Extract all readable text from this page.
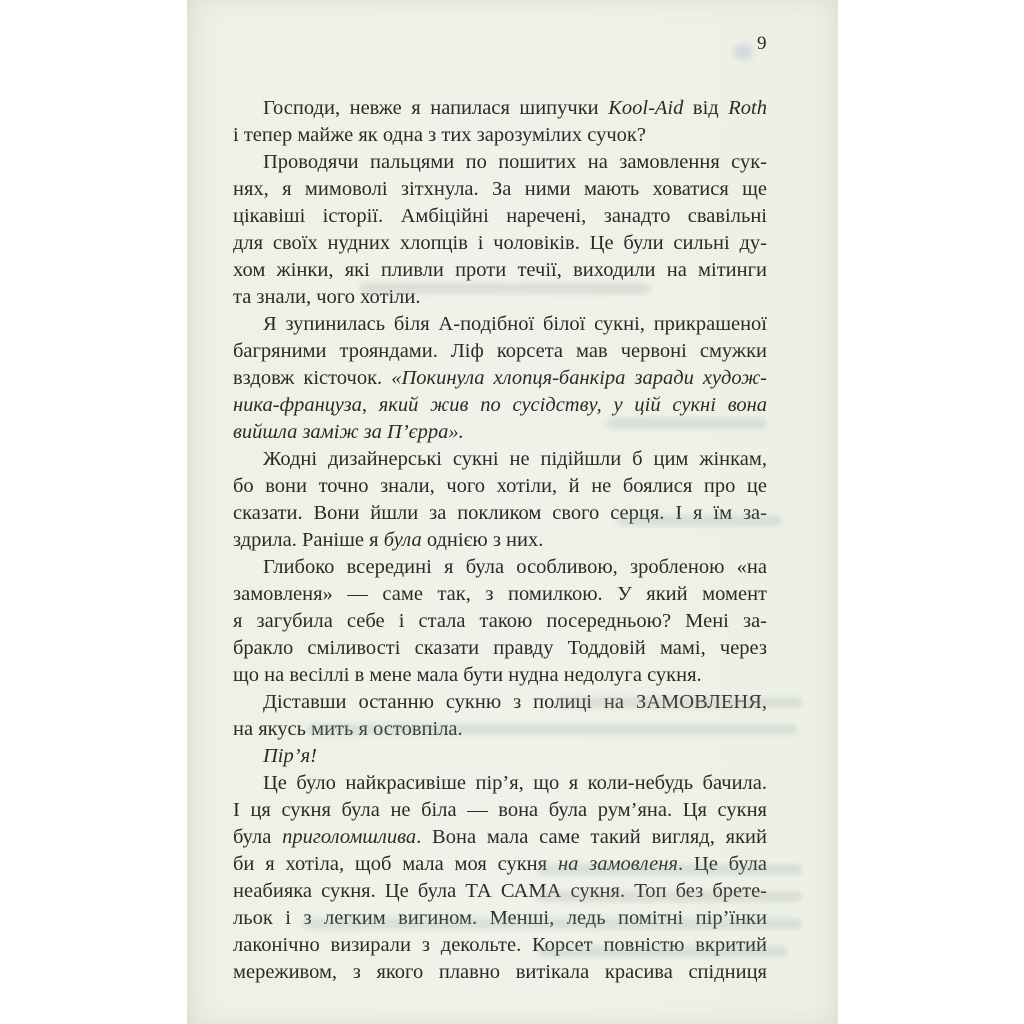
9
Господи, невже я напилася шипучки Kool-Aid від Roth
і тепер майже як одна з тих зарозумілих сучок?
Проводячи пальцями по пошитих на замовлення сук-
нях, я мимоволі зітхнула. За ними мають ховатися ще
цікавіші історії. Амбіційні наречені, занадто свавільні
для своїх нудних хлопців і чоловіків. Це були сильні ду-
хом жінки, які пливли проти течії, виходили на мітинги
та знали, чого хотіли.
Я зупинилась біля А-подібної білої сукні, прикрашеної
багряними трояндами. Ліф корсета мав червоні смужки
вздовж кісточок. «Покинула хлопця-банкіра заради худож-
ника-француза, який жив по сусідству, у цій сукні вона
вийшла заміж за П’єрра».
Жодні дизайнерські сукні не підійшли б цим жінкам,
бо вони точно знали, чого хотіли, й не боялися про це
сказати. Вони йшли за покликом свого серця. І я їм за-
здрила. Раніше я була однією з них.
Глибоко всередині я була особливою, зробленою «на
замовленя» — саме так, з помилкою. У який момент
я загубила себе і стала такою посередньою? Мені за-
бракло сміливості сказати правду Тоддовій мамі, через
що на весіллі в мене мала бути нудна недолуга сукня.
Діставши останню сукню з полиці на ЗАМОВЛЕНЯ,
на якусь мить я остовпіла.
Пір’я!
Це було найкрасивіше пір’я, що я коли-небудь бачила.
І ця сукня була не біла — вона була рум’яна. Ця сукня
була приголомшлива. Вона мала саме такий вигляд, який
би я хотіла, щоб мала моя сукня на замовленя. Це була
неабияка сукня. Це була ТА САМА сукня. Топ без брете-
льок і з легким вигином. Менші, ледь помітні пір’їнки
лаконічно визирали з декольте. Корсет повністю вкритий
мереживом, з якого плавно витікала красива спідниця
